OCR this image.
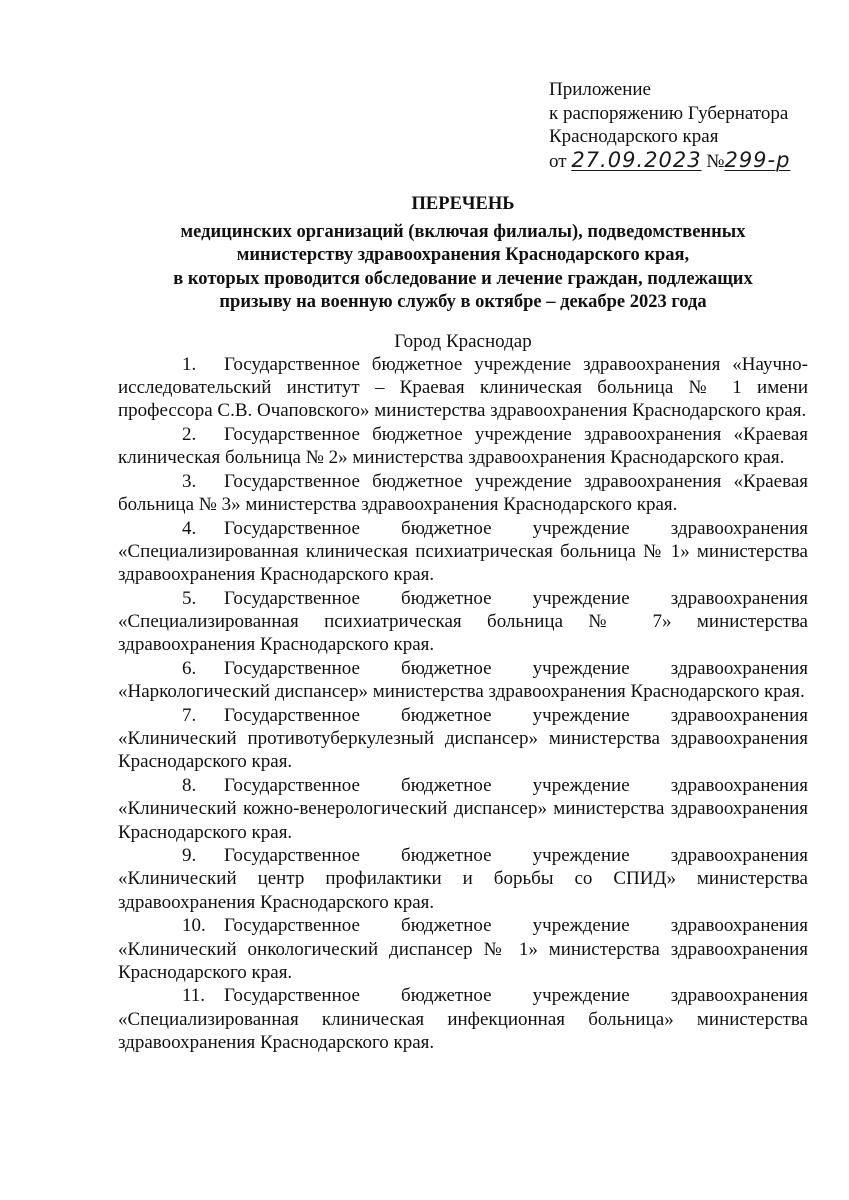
Приложение
к распоряжению Губернатора
Краснодарского края
от 27.09.2023 №299-р
ПЕРЕЧЕНЬ
медицинских организаций (включая филиалы), подведомственных
министерству здравоохранения Краснодарского края,
в которых проводится обследование и лечение граждан, подлежащих
призыву на военную службу в октябре – декабре 2023 года
Город Краснодар

1. Государственное бюджетное учреждение здравоохранения «Научно-исследовательский институт – Краевая клиническая больница № 1 имени профессора С.В. Очаповского» министерства здравоохранения Краснодарского края.

2. Государственное бюджетное учреждение здравоохранения «Краевая клиническая больница № 2» министерства здравоохранения Краснодарского края.

3. Государственное бюджетное учреждение здравоохранения «Краевая больница № 3» министерства здравоохранения Краснодарского края.

4. Государственное бюджетное учреждение здравоохранения «Специализированная клиническая психиатрическая больница № 1» министерства здравоохранения Краснодарского края.

5. Государственное бюджетное учреждение здравоохранения «Специализированная психиатрическая больница № 7» министерства здравоохранения Краснодарского края.

6. Государственное бюджетное учреждение здравоохранения «Наркологический диспансер» министерства здравоохранения Краснодарского края.

7. Государственное бюджетное учреждение здравоохранения «Клинический противотуберкулезный диспансер» министерства здравоохранения Краснодарского края.

8. Государственное бюджетное учреждение здравоохранения «Клинический кожно-венерологический диспансер» министерства здравоохранения Краснодарского края.

9. Государственное бюджетное учреждение здравоохранения «Клинический центр профилактики и борьбы со СПИД» министерства здравоохранения Краснодарского края.

10. Государственное бюджетное учреждение здравоохранения «Клинический онкологический диспансер № 1» министерства здравоохранения Краснодарского края.

11. Государственное бюджетное учреждение здравоохранения «Специализированная клиническая инфекционная больница» министерства здравоохранения Краснодарского края.
